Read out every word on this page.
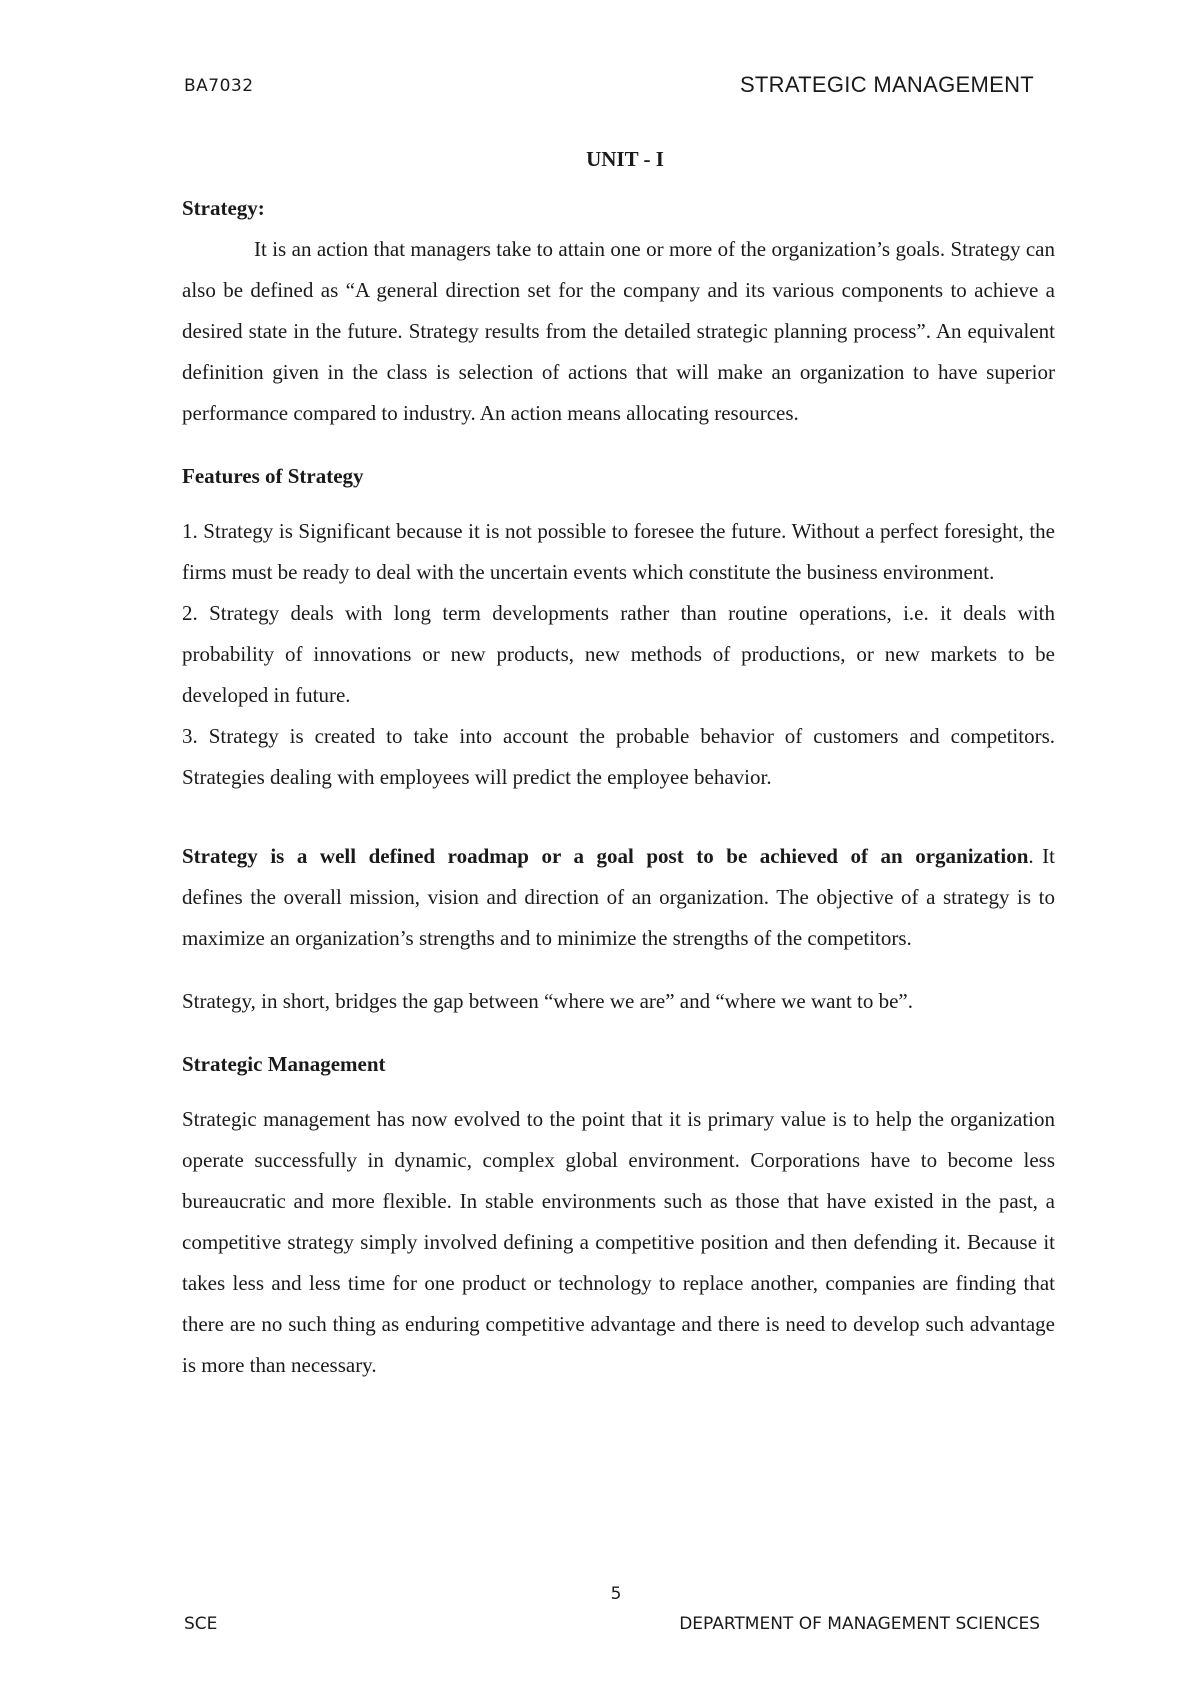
BA7032	STRATEGIC MANAGEMENT
UNIT - I

Strategy:

It is an action that managers take to attain one or more of the organization’s goals. Strategy can also be defined as “A general direction set for the company and its various components to achieve a desired state in the future. Strategy results from the detailed strategic planning process”. An equivalent definition given in the class is selection of actions that will make an organization to have superior performance compared to industry. An action means allocating resources.

Features of Strategy

1. Strategy is Significant because it is not possible to foresee the future. Without a perfect foresight, the firms must be ready to deal with the uncertain events which constitute the business environment.

2. Strategy deals with long term developments rather than routine operations, i.e. it deals with probability of innovations or new products, new methods of productions, or new markets to be developed in future.

3. Strategy is created to take into account the probable behavior of customers and competitors. Strategies dealing with employees will predict the employee behavior.

Strategy is a well defined roadmap or a goal post to be achieved of an organization. It defines the overall mission, vision and direction of an organization. The objective of a strategy is to maximize an organization’s strengths and to minimize the strengths of the competitors.

Strategy, in short, bridges the gap between “where we are” and “where we want to be”.

Strategic Management

Strategic management has now evolved to the point that it is primary value is to help the organization operate successfully in dynamic, complex global environment. Corporations have to become less bureaucratic and more flexible. In stable environments such as those that have existed in the past, a competitive strategy simply involved defining a competitive position and then defending it. Because it takes less and less time for one product or technology to replace another, companies are finding that there are no such thing as enduring competitive advantage and there is need to develop such advantage is more than necessary.

5
SCE	DEPARTMENT OF MANAGEMENT SCIENCES
